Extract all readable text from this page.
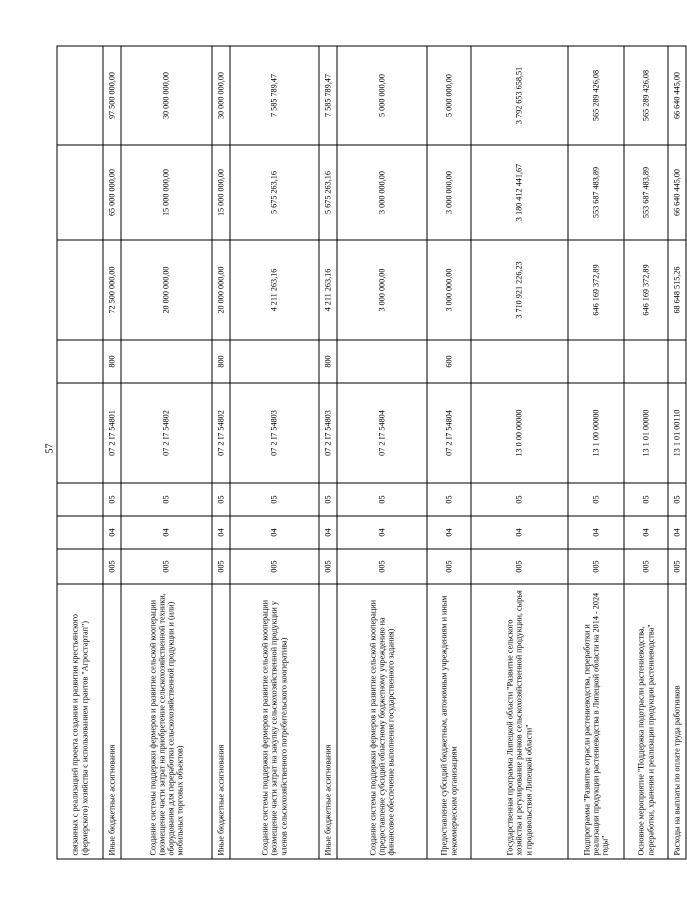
57
связанных с реализацией проекта создания и развития крестьянского (фермерского) хозяйства с использованием грантов "Агростартап")								
Иные бюджетные ассигнования	005	04	05	07 2 I7 54801	800	72 500 000,00	65 000 000,00	97 500 000,00
Создание системы поддержки фермеров и развитие сельской кооперации (возмещение части затрат на приобретение сельскохозяйственной техники, оборудования для переработки сельскохозяйственной продукции и (или) мобильных торговых объектов)	005	04	05	07 2 I7 54802		20 000 000,00	15 000 000,00	30 000 000,00
Иные бюджетные ассигнования	005	04	05	07 2 I7 54802	800	20 000 000,00	15 000 000,00	30 000 000,00
Создание системы поддержки фермеров и развитие сельской кооперации (возмещение части затрат на закупку сельскохозяйственной продукции у членов сельскохозяйственного потребительского кооператива)	005	04	05	07 2 I7 54803		4 211 263,16	5 675 263,16	7 585 789,47
Иные бюджетные ассигнования	005	04	05	07 2 I7 54803	800	4 211 263,16	5 675 263,16	7 585 789,47
Создание системы поддержки фермеров и развитие сельской кооперации (предоставление субсидий областному бюджетному учреждению на финансовое обеспечение выполнения государственного задания)	005	04	05	07 2 I7 54804		3 000 000,00	3 000 000,00	5 000 000,00
Предоставление субсидий бюджетным, автономным учреждениям и иным некоммерческим организациям	005	04	05	07 2 I7 54804	600	3 000 000,00	3 000 000,00	5 000 000,00
Государственная программа Липецкой области "Развитие сельского хозяйства и регулирование рынков сельскохозяйственной продукции, сырья и продовольствия Липецкой области"	005	04	05	13 0 00 00000		3 710 921 226,23	3 180 412 441,67	3 792 653 658,51
Подпрограмма "Развитие отрасли растениеводства, переработки и реализации продукции растениеводства в Липецкой области на 2014 - 2024 годы"	005	04	05	13 1 00 00000		646 169 372,89	553 687 483,89	565 289 426,08
Основное мероприятие "Поддержка подотрасли растениеводства, переработки, хранения и реализации продукции растениеводства"	005	04	05	13 1 01 00000		646 169 372,89	553 687 483,89	565 289 426,08
Расходы на выплаты по оплате труда работников	005	04	05	13 1 01 00110		68 648 515,26	66 640 445,00	66 640 445,00
